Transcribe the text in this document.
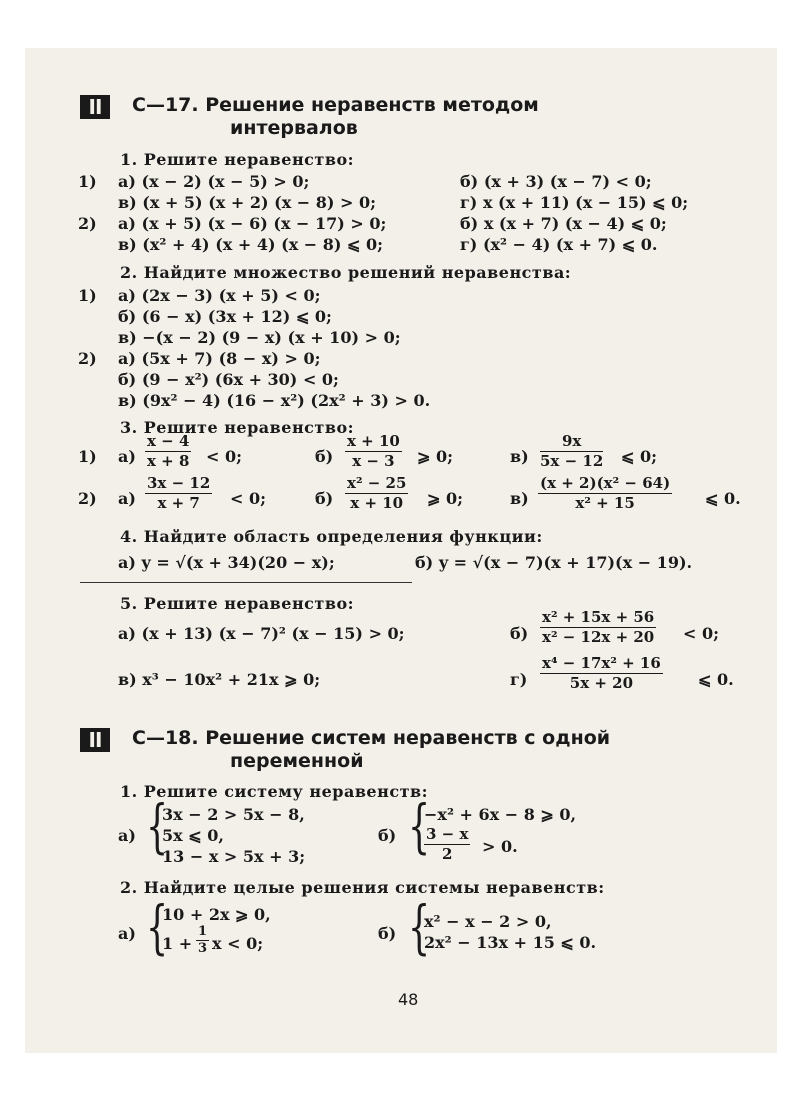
II	С—17. Решение неравенств методом
интервалов
1. Решите неравенство:
1) а) (x − 2) (x − 5) > 0;	б) (x + 3) (x − 7) < 0;
в) (x + 5) (x + 2) (x − 8) > 0;	г) x (x + 11) (x − 15) ⩽ 0;
2) а) (x + 5) (x − 6) (x − 17) > 0;	б) x (x + 7) (x − 4) ⩽ 0;
в) (x² + 4) (x + 4) (x − 8) ⩽ 0;	г) (x² − 4) (x + 7) ⩽ 0.
2. Найдите множество решений неравенства:
1) а) (2x − 3) (x + 5) < 0;
б) (6 − x) (3x + 12) ⩽ 0;
в) −(x − 2) (9 − x) (x + 10) > 0;
2) а) (5x + 7) (8 − x) > 0;
б) (9 − x²) (6x + 30) < 0;
в) (9x² − 4) (16 − x²) (2x² + 3) > 0.
3. Решите неравенство:
1) $а) \frac{x - 4}{x + 8} < 0$;	$б) \frac{x + 10}{x - 3}$ ⩾ 0;	$в) \frac{9x}{5x - 12}$ ⩽ 0;
2) $а) \frac{3x - 12}{x + 7} < 0$;	$б) \frac{\text{x² − 25}}{x + 10}$ ⩾ 0;	$в) \frac{\text{(x + 2)(x² − 64)}}{\text{x² + 15}}$ ⩽ 0.
4. Найдите область определения функции:
а) y = √(x + 34)(20 − x);	б) y = √(x − 7)(x + 17)(x − 19).
5. Решите неравенство:
а) (x + 13) (x − 7)² (x − 15) > 0;	$б) \frac{\text{x² + 15x + 56}}{\text{x² − 12x + 20}} < 0$;
в) x³ − 10x² + 21x ⩾ 0;	$г) \frac{\text{x⁴ − 17x² + 16}}{5x + 20}$ ⩽ 0.
II	С—18. Решение систем неравенств с одной
переменной
1. Решите систему неравенств:
а) {
3x − 2 > 5x − 8,
5x ⩽ 0,
13 − x > 5x + 3;
б) {
−x² + 6x − 8 ⩾ 0,
$\frac{3 - x}{2} > 0$.
2. Найдите целые решения системы неравенств:
а) {
10 + 2x ⩾ 0,
$1 + \frac{1}{3}$ x < 0;
б) {
x² − x − 2 > 0,
2x² − 13x + 15 ⩽ 0.
48
